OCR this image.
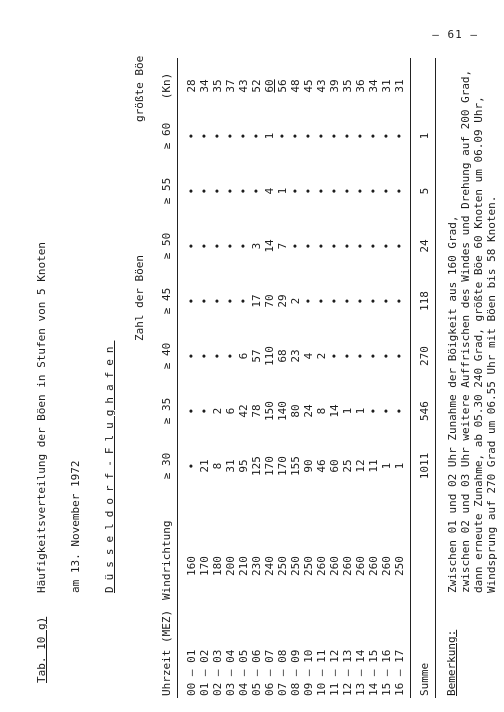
– 61 –
Tab. 10 g)
Häufigkeitsverteilung der Böen in Stufen von 5 Knoten am 13. November 1972 Düsseldorf-Flughafen
Zahl der Böen
größte Böe
Uhrzeit (MEZ)
Windrichtung
≥ 30
≥ 35
≥ 40
≥ 45
≥ 50
≥ 55
≥ 60
(Kn)
00 – 01 01 – 02 02 – 03 03 – 04 04 – 05 05 – 06 06 – 07 07 – 08 08 – 09 09 – 10 10 – 11 11 – 12 12 – 13 13 – 14 14 – 15 15 – 16 16 – 17
160 170 180 200 210 230 240 250 250 250 260 260 260 260 260 260 250
• 21 8 31 95 125 170 170 155 90 46 60 25 12 11 1 1
• • 2 6 42 78 150 140 80 24 8 14 1 1 • • •
• • • • 6 57 110 68 23 4 2 • • • • • •
• • • • • 17 70 29 2 • • • • • • • •
• • • • • 3 14 7 • • • • • • • • •
• • • • • • 4 1 • • • • • • • • •
• • • • • • 1 • • • • • • • • • •
28 34 35 37 43 52 60 56 48 45 43 39 35 36 34 31 31
Summe
1011
546
270
118
24
5
1
Bemerkung:
Zwischen 01 und 02 Uhr Zunahme der Böigkeit aus 160 Grad, zwischen 02 und 03 Uhr weitere Auffrischen des Windes und Drehung auf 200 Grad, dann erneute Zunahme, ab 05.30 240 Grad, größte Böe 60 Knoten um 06.09 Uhr, Windsprung auf 270 Grad um 06.55 Uhr mit Böen bis 58 Knoten.
